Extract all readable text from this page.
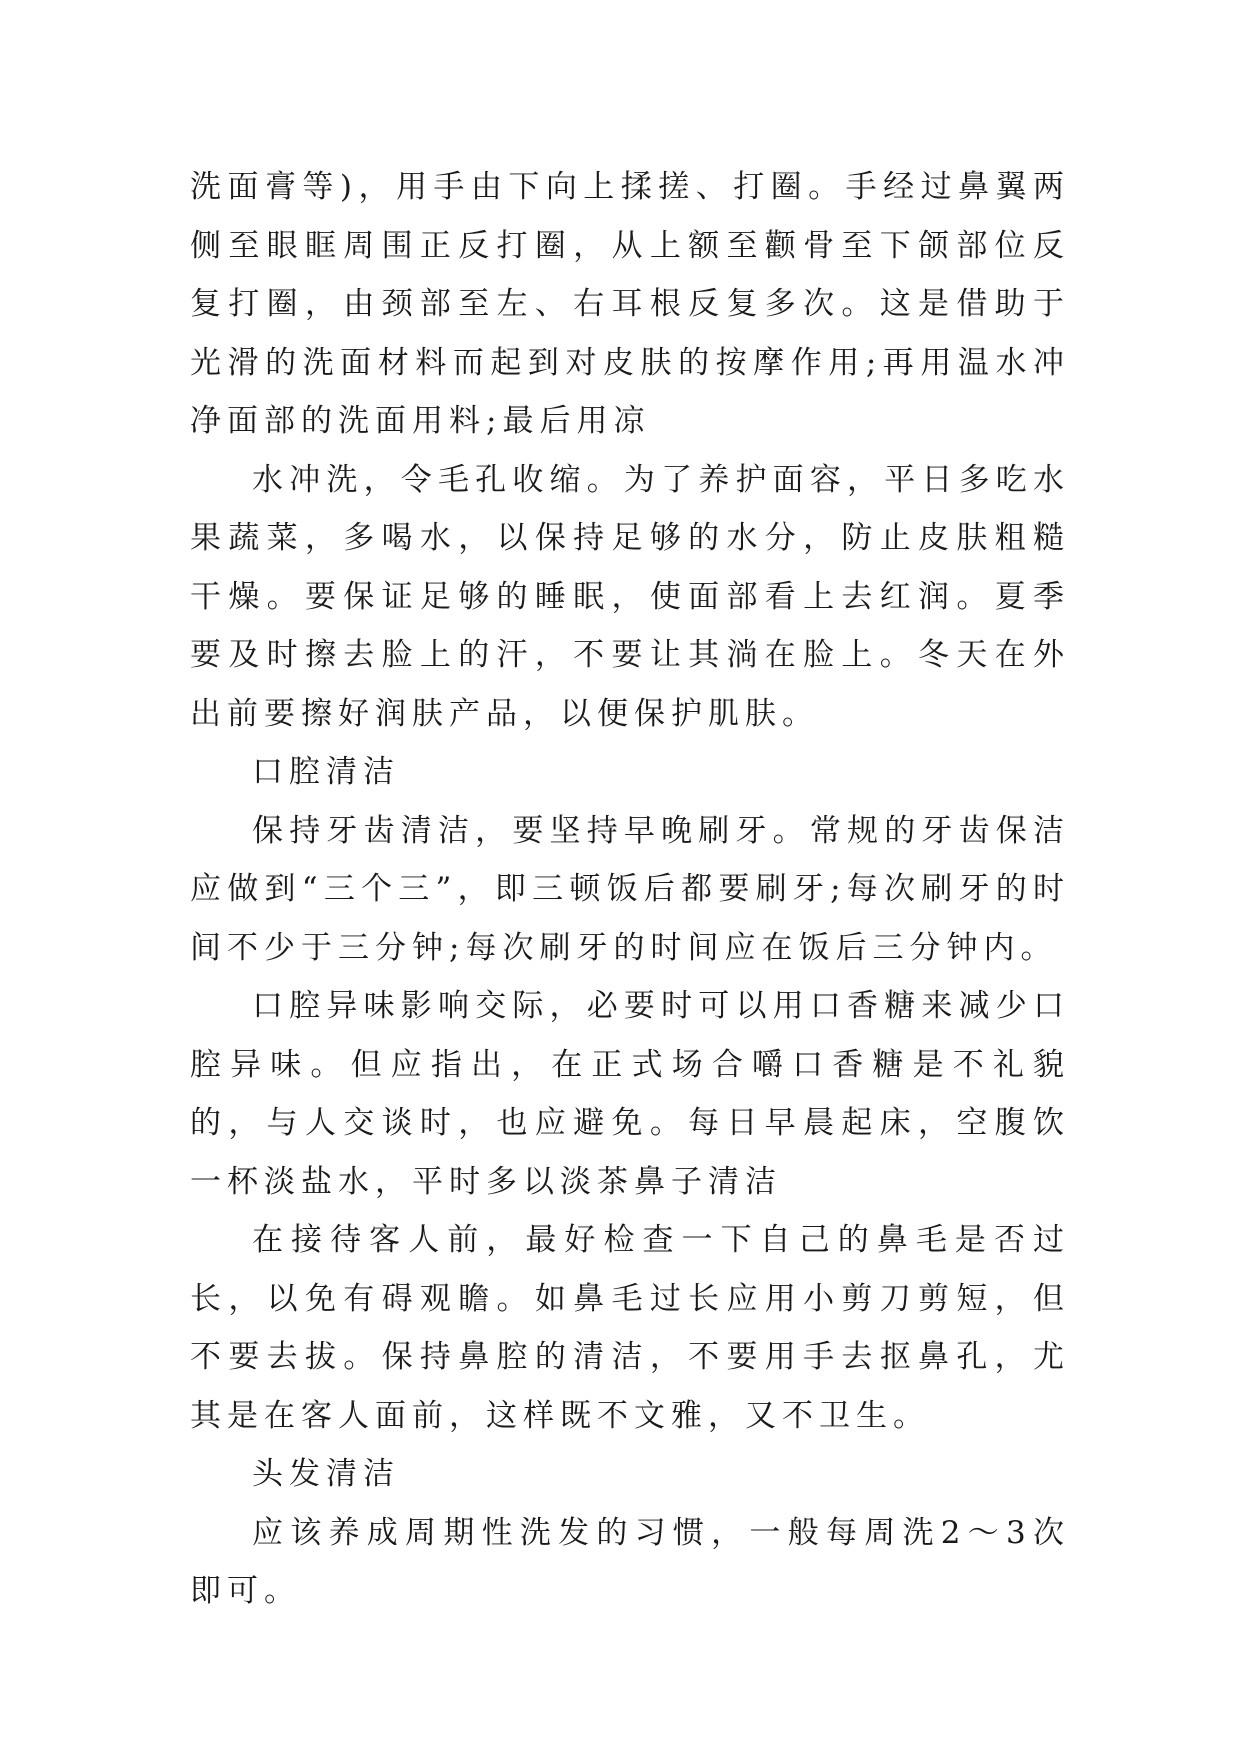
洗面膏等)，用手由下向上揉搓、打圈。手经过鼻翼两侧至眼眶周围正反打圈，从上额至颧骨至下颌部位反复打圈，由颈部至左、右耳根反复多次。这是借助于光滑的洗面材料而起到对皮肤的按摩作用;再用温水冲净面部的洗面用料;最后用凉

水冲洗，令毛孔收缩。为了养护面容，平日多吃水果蔬菜，多喝水，以保持足够的水分，防止皮肤粗糙干燥。要保证足够的睡眠，使面部看上去红润。夏季要及时擦去脸上的汗，不要让其淌在脸上。冬天在外出前要擦好润肤产品，以便保护肌肤。

口腔清洁

保持牙齿清洁，要坚持早晚刷牙。常规的牙齿保洁应做到“三个三”，即三顿饭后都要刷牙;每次刷牙的时间不少于三分钟;每次刷牙的时间应在饭后三分钟内。

口腔异味影响交际，必要时可以用口香糖来减少口腔异味。但应指出，在正式场合嚼口香糖是不礼貌的，与人交谈时，也应避免。每日早晨起床，空腹饮一杯淡盐水，平时多以淡茶鼻子清洁

在接待客人前，最好检查一下自己的鼻毛是否过长，以免有碍观瞻。如鼻毛过长应用小剪刀剪短，但不要去拔。保持鼻腔的清洁，不要用手去抠鼻孔，尤其是在客人面前，这样既不文雅，又不卫生。

头发清洁

应该养成周期性洗发的习惯，一般每周洗2～3次即可。
